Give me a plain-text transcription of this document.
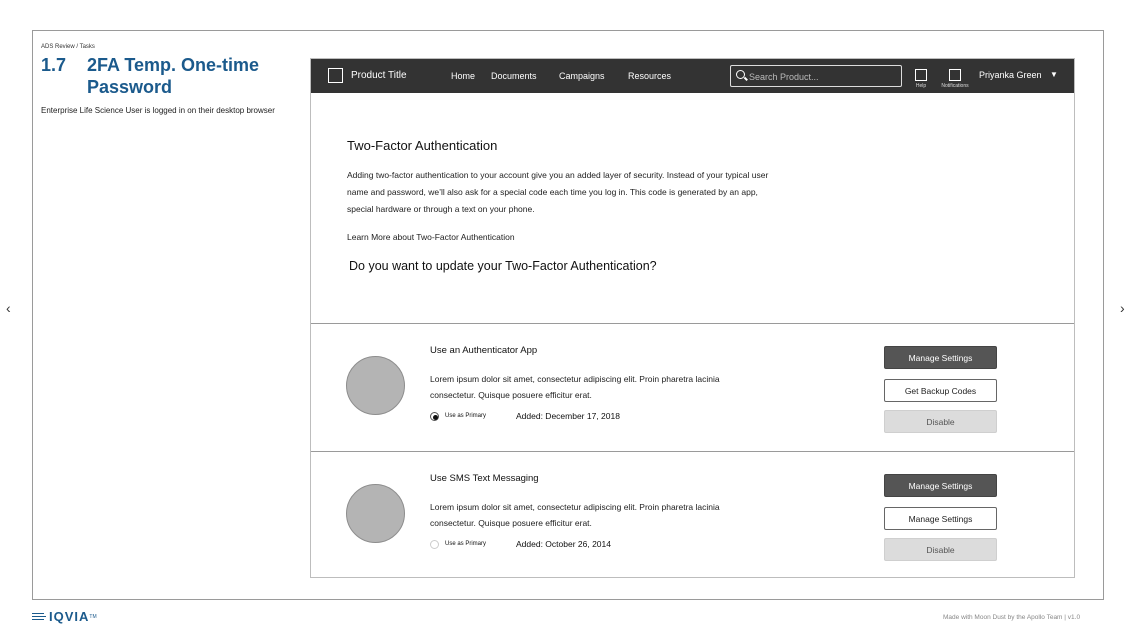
ADS Review / Tasks
1.7 2FA Temp. One-time
Password
Enterprise Life Science User is logged in on their desktop browser
‹	›
Product Title	Home Documents Campaigns	Resources
Search Product...
Help	Notifications
Priyanka Green ▼
Two-Factor Authentication
Adding two-factor authentication to your account give you an added layer of security. Instead of your typical user name and password, we’ll also ask for a special code each time you log in. This code is generated by an app, special hardware or through a text on your phone.
Learn More about Two-Factor Authentication
Do you want to update your Two-Factor Authentication?
Use an Authenticator App
Lorem ipsum dolor sit amet, consectetur adipiscing elit. Proin pharetra lacinia consectetur. Quisque posuere efficitur erat.
Use as Primary	Added: December 17, 2018
Manage Settings
Get Backup Codes
Disable
Use SMS Text Messaging
Lorem ipsum dolor sit amet, consectetur adipiscing elit. Proin pharetra lacinia consectetur. Quisque posuere efficitur erat.
Use as Primary	Added: October 26, 2014
Manage Settings
Manage Settings
Disable
IQVIA TM	Made with Moon Dust by the Apollo Team | v1.0
